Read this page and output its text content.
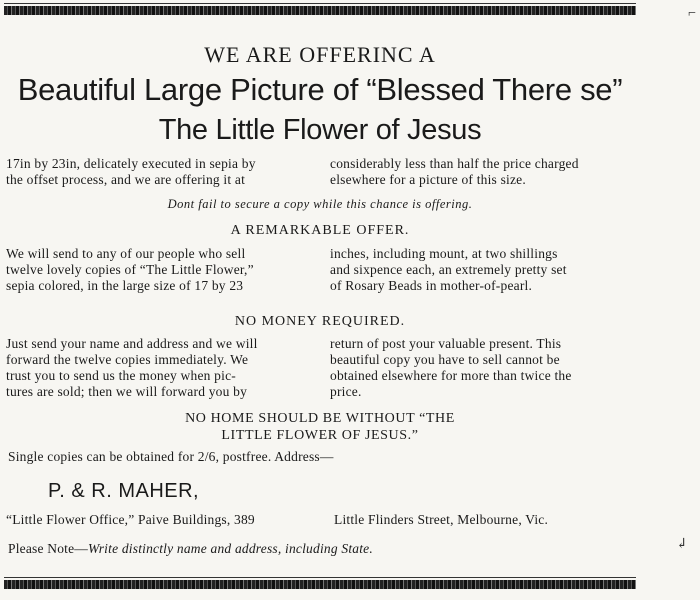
⌐
WE ARE OFFERINC A
Beautiful Large Picture of “Blessed There se”
The Little Flower of Jesus
17in by 23in, delicately executed in sepia by
the offset process, and we are offering it at
considerably less than half the price charged
elsewhere for a picture of this size.
Dont fail to secure a copy while this chance is offering.
A REMARKABLE OFFER.
We will send to any of our people who sell
twelve lovely copies of “The Little Flower,”
sepia colored, in the large size of 17 by 23
inches, including mount, at two shillings
and sixpence each, an extremely pretty set
of Rosary Beads in mother-of-pearl.
NO MONEY REQUIRED.
Just send your name and address and we will
forward the twelve copies immediately. We
trust you to send us the money when pic-
tures are sold; then we will forward you by
return of post your valuable present. This
beautiful copy you have to sell cannot be
obtained elsewhere for more than twice the
price.
NO HOME SHOULD BE WITHOUT “THE
LITTLE FLOWER OF JESUS.”
Single copies can be obtained for 2/6, postfree. Address—
P. & R. MAHER,
“Little Flower Office,” Paive Buildings, 389	Little Flinders Street, Melbourne, Vic.
Please Note—Write distinctly name and address, including State.	↲
